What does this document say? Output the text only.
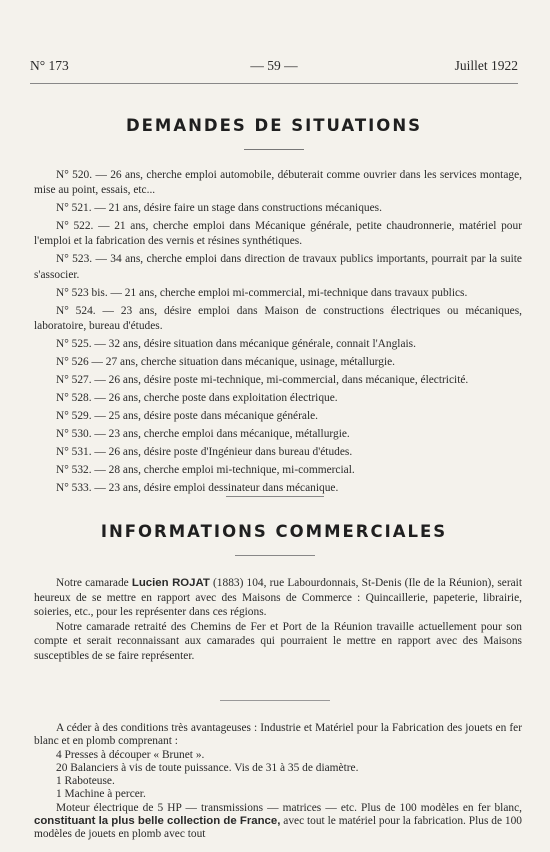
N° 173	— 59 —	Juillet 1922
DEMANDES DE SITUATIONS

N° 520. — 26 ans, cherche emploi automobile, débuterait comme ouvrier dans les services montage, mise au point, essais, etc...

N° 521. — 21 ans, désire faire un stage dans constructions mécaniques.

N° 522. — 21 ans, cherche emploi dans Mécanique générale, petite chaudronnerie, matériel pour l'emploi et la fabrication des vernis et résines synthétiques.

N° 523. — 34 ans, cherche emploi dans direction de travaux publics importants, pourrait par la suite s'associer.

N° 523 bis. — 21 ans, cherche emploi mi-commercial, mi-technique dans travaux publics.

N° 524. — 23 ans, désire emploi dans Maison de constructions électriques ou mécaniques, laboratoire, bureau d'études.

N° 525. — 32 ans, désire situation dans mécanique générale, connait l'Anglais.

N° 526 — 27 ans, cherche situation dans mécanique, usinage, métallurgie.

N° 527. — 26 ans, désire poste mi-technique, mi-commercial, dans mécanique, électricité.

N° 528. — 26 ans, cherche poste dans exploitation électrique.

N° 529. — 25 ans, désire poste dans mécanique générale.

N° 530. — 23 ans, cherche emploi dans mécanique, métallurgie.

N° 531. — 26 ans, désire poste d'Ingénieur dans bureau d'études.

N° 532. — 28 ans, cherche emploi mi-technique, mi-commercial.

N° 533. — 23 ans, désire emploi dessinateur dans mécanique.

INFORMATIONS COMMERCIALES

Notre camarade Lucien ROJAT (1883) 104, rue Labourdonnais, St-Denis (Ile de la Réunion), serait heureux de se mettre en rapport avec des Maisons de Commerce : Quincaillerie, papeterie, librairie, soieries, etc., pour les représenter dans ces régions.

Notre camarade retraité des Chemins de Fer et Port de la Réunion travaille actuellement pour son compte et serait reconnaissant aux camarades qui pourraient le mettre en rapport avec des Maisons susceptibles de se faire représenter.

A céder à des conditions très avantageuses : Industrie et Matériel pour la Fabrication des jouets en fer blanc et en plomb comprenant :

4 Presses à découper « Brunet ».

20 Balanciers à vis de toute puissance. Vis de 31 à 35 de diamètre.

1 Raboteuse.

1 Machine à percer.

Moteur électrique de 5 HP — transmissions — matrices — etc. Plus de 100 modèles en fer blanc, constituant la plus belle collection de France, avec tout le matériel pour la fabrication. Plus de 100 modèles de jouets en plomb avec tout
